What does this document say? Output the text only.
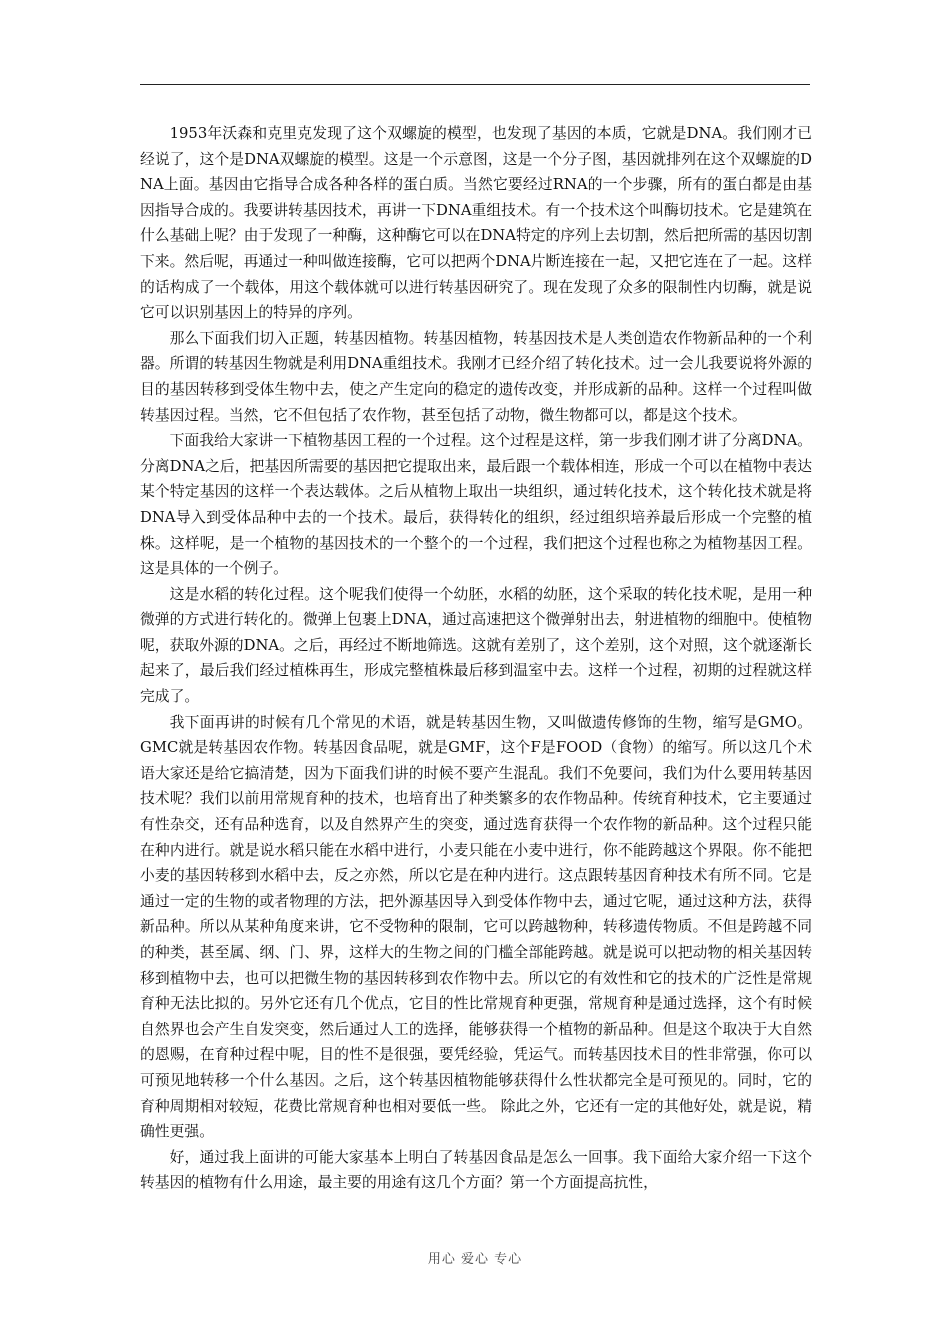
1953年沃森和克里克发现了这个双螺旋的模型，也发现了基因的本质，它就是DNA。我们刚才已经说了，这个是DNA双螺旋的模型。这是一个示意图，这是一个分子图，基因就排列在这个双螺旋的DNA上面。基因由它指导合成各种各样的蛋白质。当然它要经过RNA的一个步骤，所有的蛋白都是由基因指导合成的。我要讲转基因技术，再讲一下DNA重组技术。有一个技术这个叫酶切技术。它是建筑在什么基础上呢？由于发现了一种酶，这种酶它可以在DNA特定的序列上去切割，然后把所需的基因切割下来。然后呢，再通过一种叫做连接酶，它可以把两个DNA片断连接在一起，又把它连在了一起。这样的话构成了一个载体，用这个载体就可以进行转基因研究了。现在发现了众多的限制性内切酶，就是说它可以识别基因上的特异的序列。

那么下面我们切入正题，转基因植物。转基因植物，转基因技术是人类创造农作物新品种的一个利器。所谓的转基因生物就是利用DNA重组技术。我刚才已经介绍了转化技术。过一会儿我要说将外源的目的基因转移到受体生物中去，使之产生定向的稳定的遗传改变，并形成新的品种。这样一个过程叫做转基因过程。当然，它不但包括了农作物，甚至包括了动物，微生物都可以，都是这个技术。

下面我给大家讲一下植物基因工程的一个过程。这个过程是这样，第一步我们刚才讲了分离DNA。分离DNA之后，把基因所需要的基因把它提取出来，最后跟一个载体相连，形成一个可以在植物中表达某个特定基因的这样一个表达载体。之后从植物上取出一块组织，通过转化技术，这个转化技术就是将DNA导入到受体品种中去的一个技术。最后，获得转化的组织，经过组织培养最后形成一个完整的植株。这样呢，是一个植物的基因技术的一个整个的一个过程，我们把这个过程也称之为植物基因工程。这是具体的一个例子。

这是水稻的转化过程。这个呢我们使得一个幼胚，水稻的幼胚，这个采取的转化技术呢，是用一种微弹的方式进行转化的。微弹上包裹上DNA，通过高速把这个微弹射出去，射进植物的细胞中。使植物呢，获取外源的DNA。之后，再经过不断地筛选。这就有差别了，这个差别，这个对照，这个就逐渐长起来了，最后我们经过植株再生，形成完整植株最后移到温室中去。这样一个过程，初期的过程就这样完成了。

我下面再讲的时候有几个常见的术语，就是转基因生物，又叫做遗传修饰的生物，缩写是GMO。GMC就是转基因农作物。转基因食品呢，就是GMF，这个F是FOOD（食物）的缩写。所以这几个术语大家还是给它搞清楚，因为下面我们讲的时候不要产生混乱。我们不免要问，我们为什么要用转基因技术呢？我们以前用常规育种的技术，也培育出了种类繁多的农作物品种。传统育种技术，它主要通过有性杂交，还有品种选育，以及自然界产生的突变，通过选育获得一个农作物的新品种。这个过程只能在种内进行。就是说水稻只能在水稻中进行，小麦只能在小麦中进行，你不能跨越这个界限。你不能把小麦的基因转移到水稻中去，反之亦然，所以它是在种内进行。这点跟转基因育种技术有所不同。它是通过一定的生物的或者物理的方法，把外源基因导入到受体作物中去，通过它呢，通过这种方法，获得新品种。所以从某种角度来讲，它不受物种的限制，它可以跨越物种，转移遗传物质。不但是跨越不同的种类，甚至属、纲、门、界，这样大的生物之间的门槛全部能跨越。就是说可以把动物的相关基因转移到植物中去，也可以把微生物的基因转移到农作物中去。所以它的有效性和它的技术的广泛性是常规育种无法比拟的。另外它还有几个优点，它目的性比常规育种更强，常规育种是通过选择，这个有时候自然界也会产生自发突变，然后通过人工的选择，能够获得一个植物的新品种。但是这个取决于大自然的恩赐，在育种过程中呢，目的性不是很强，要凭经验，凭运气。而转基因技术目的性非常强，你可以可预见地转移一个什么基因。之后，这个转基因植物能够获得什么性状都完全是可预见的。同时，它的育种周期相对较短，花费比常规育种也相对要低一些。 除此之外，它还有一定的其他好处，就是说，精确性更强。

好，通过我上面讲的可能大家基本上明白了转基因食品是怎么一回事。我下面给大家介绍一下这个转基因的植物有什么用途，最主要的用途有这几个方面？第一个方面提高抗性，

用心 爱心 专心
